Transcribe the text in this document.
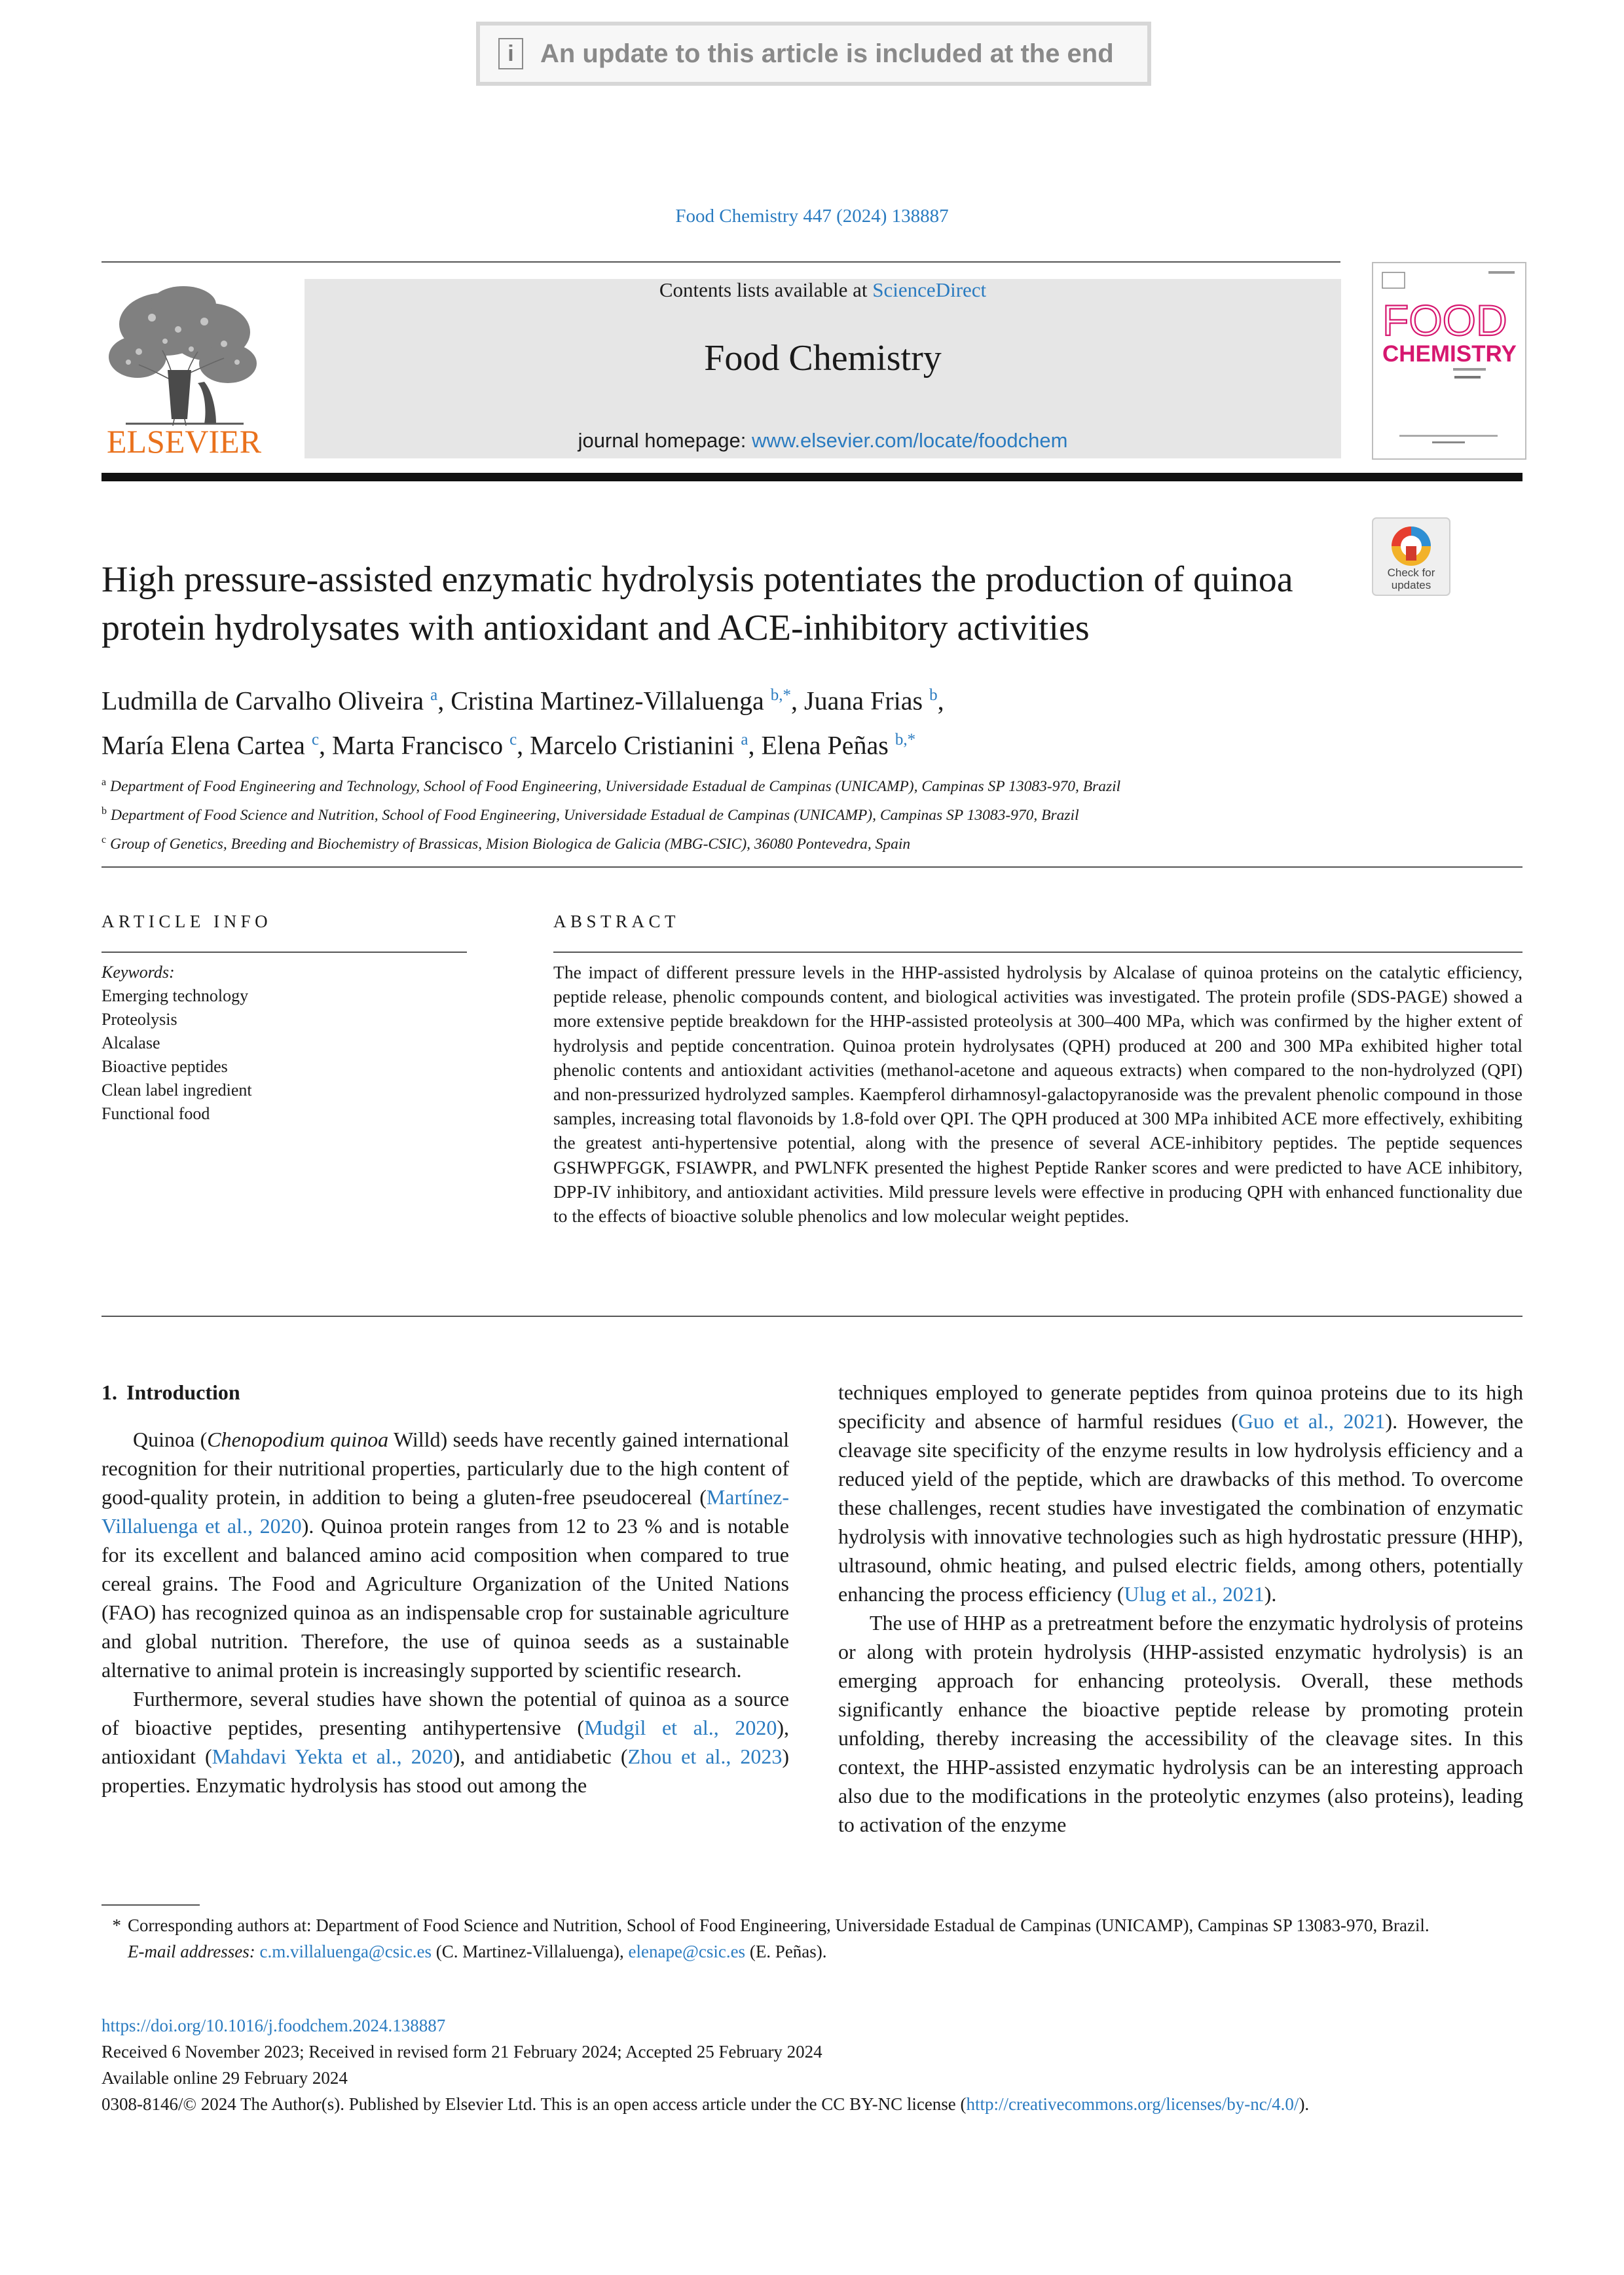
i	An update to this article is included at the end
Food Chemistry 447 (2024) 138887
ELSEVIER
Contents lists available at ScienceDirect
Food Chemistry
journal homepage: www.elsevier.com/locate/foodchem
FOOD
CHEMISTRY
Check for
updates
High pressure-assisted enzymatic hydrolysis potentiates the production of quinoa protein hydrolysates with antioxidant and ACE-inhibitory activities
Ludmilla de Carvalho Oliveira $^a$, Cristina Martinez-Villaluenga $^{b,*}$, Juana Frias $^b$,
María Elena Cartea $^c$, Marta Francisco $^c$, Marcelo Cristianini $^a$, Elena Peñas $^{b,*}$
$^a$ Department of Food Engineering and Technology, School of Food Engineering, Universidade Estadual de Campinas (UNICAMP), Campinas SP 13083-970, Brazil
$^b$ Department of Food Science and Nutrition, School of Food Engineering, Universidade Estadual de Campinas (UNICAMP), Campinas SP 13083-970, Brazil
$^c$ Group of Genetics, Breeding and Biochemistry of Brassicas, Mision Biologica de Galicia (MBG-CSIC), 36080 Pontevedra, Spain
ARTICLE INFO	ABSTRACT
Keywords:
Emerging technology
Proteolysis
Alcalase
Bioactive peptides
Clean label ingredient
Functional food
The impact of different pressure levels in the HHP-assisted hydrolysis by Alcalase of quinoa proteins on the catalytic efficiency, peptide release, phenolic compounds content, and biological activities was investigated. The protein profile (SDS-PAGE) showed a more extensive peptide breakdown for the HHP-assisted proteolysis at 300–400 MPa, which was confirmed by the higher extent of hydrolysis and peptide concentration. Quinoa protein hydrolysates (QPH) produced at 200 and 300 MPa exhibited higher total phenolic contents and antioxidant activities (methanol-acetone and aqueous extracts) when compared to the non-hydrolyzed (QPI) and non-pressurized hydrolyzed samples. Kaempferol dirhamnosyl-galactopyranoside was the prevalent phenolic compound in those samples, increasing total flavonoids by 1.8-fold over QPI. The QPH produced at 300 MPa inhibited ACE more effectively, exhibiting the greatest anti-hypertensive potential, along with the presence of several ACE-inhibitory peptides. The peptide sequences GSHWPFGGK, FSIAWPR, and PWLNFK presented the highest Peptide Ranker scores and were predicted to have ACE inhibitory, DPP-IV inhibitory, and antioxidant activities. Mild pressure levels were effective in producing QPH with enhanced functionality due to the effects of bioactive soluble phenolics and low molecular weight peptides.
1. Introduction

Quinoa (Chenopodium quinoa Willd) seeds have recently gained international recognition for their nutritional properties, particularly due to the high content of good-quality protein, in addition to being a gluten-free pseudocereal (Martínez-Villaluenga et al., 2020). Quinoa protein ranges from 12 to 23 % and is notable for its excellent and balanced amino acid composition when compared to true cereal grains. The Food and Agriculture Organization of the United Nations (FAO) has recognized quinoa as an indispensable crop for sustainable agriculture and global nutrition. Therefore, the use of quinoa seeds as a sustainable alternative to animal protein is increasingly supported by scientific research.

Furthermore, several studies have shown the potential of quinoa as a source of bioactive peptides, presenting antihypertensive (Mudgil et al., 2020), antioxidant (Mahdavi Yekta et al., 2020), and antidiabetic (Zhou et al., 2023) properties. Enzymatic hydrolysis has stood out among the

techniques employed to generate peptides from quinoa proteins due to its high specificity and absence of harmful residues (Guo et al., 2021). However, the cleavage site specificity of the enzyme results in low hydrolysis efficiency and a reduced yield of the peptide, which are drawbacks of this method. To overcome these challenges, recent studies have investigated the combination of enzymatic hydrolysis with innovative technologies such as high hydrostatic pressure (HHP), ultrasound, ohmic heating, and pulsed electric fields, among others, potentially enhancing the process efficiency (Ulug et al., 2021).

The use of HHP as a pretreatment before the enzymatic hydrolysis of proteins or along with protein hydrolysis (HHP-assisted enzymatic hydrolysis) is an emerging approach for enhancing proteolysis. Overall, these methods significantly enhance the bioactive peptide release by promoting protein unfolding, thereby increasing the accessibility of the cleavage sites. In this context, the HHP-assisted enzymatic hydrolysis can be an interesting approach also due to the modifications in the proteolytic enzymes (also proteins), leading to activation of the enzyme

* Corresponding authors at: Department of Food Science and Nutrition, School of Food Engineering, Universidade Estadual de Campinas (UNICAMP), Campinas SP 13083-970, Brazil.
E-mail addresses: c.m.villaluenga@csic.es (C. Martinez-Villaluenga), elenape@csic.es (E. Peñas).
https://doi.org/10.1016/j.foodchem.2024.138887
Received 6 November 2023; Received in revised form 21 February 2024; Accepted 25 February 2024
Available online 29 February 2024
0308-8146/© 2024 The Author(s). Published by Elsevier Ltd. This is an open access article under the CC BY-NC license (http://creativecommons.org/licenses/by-nc/4.0/).
